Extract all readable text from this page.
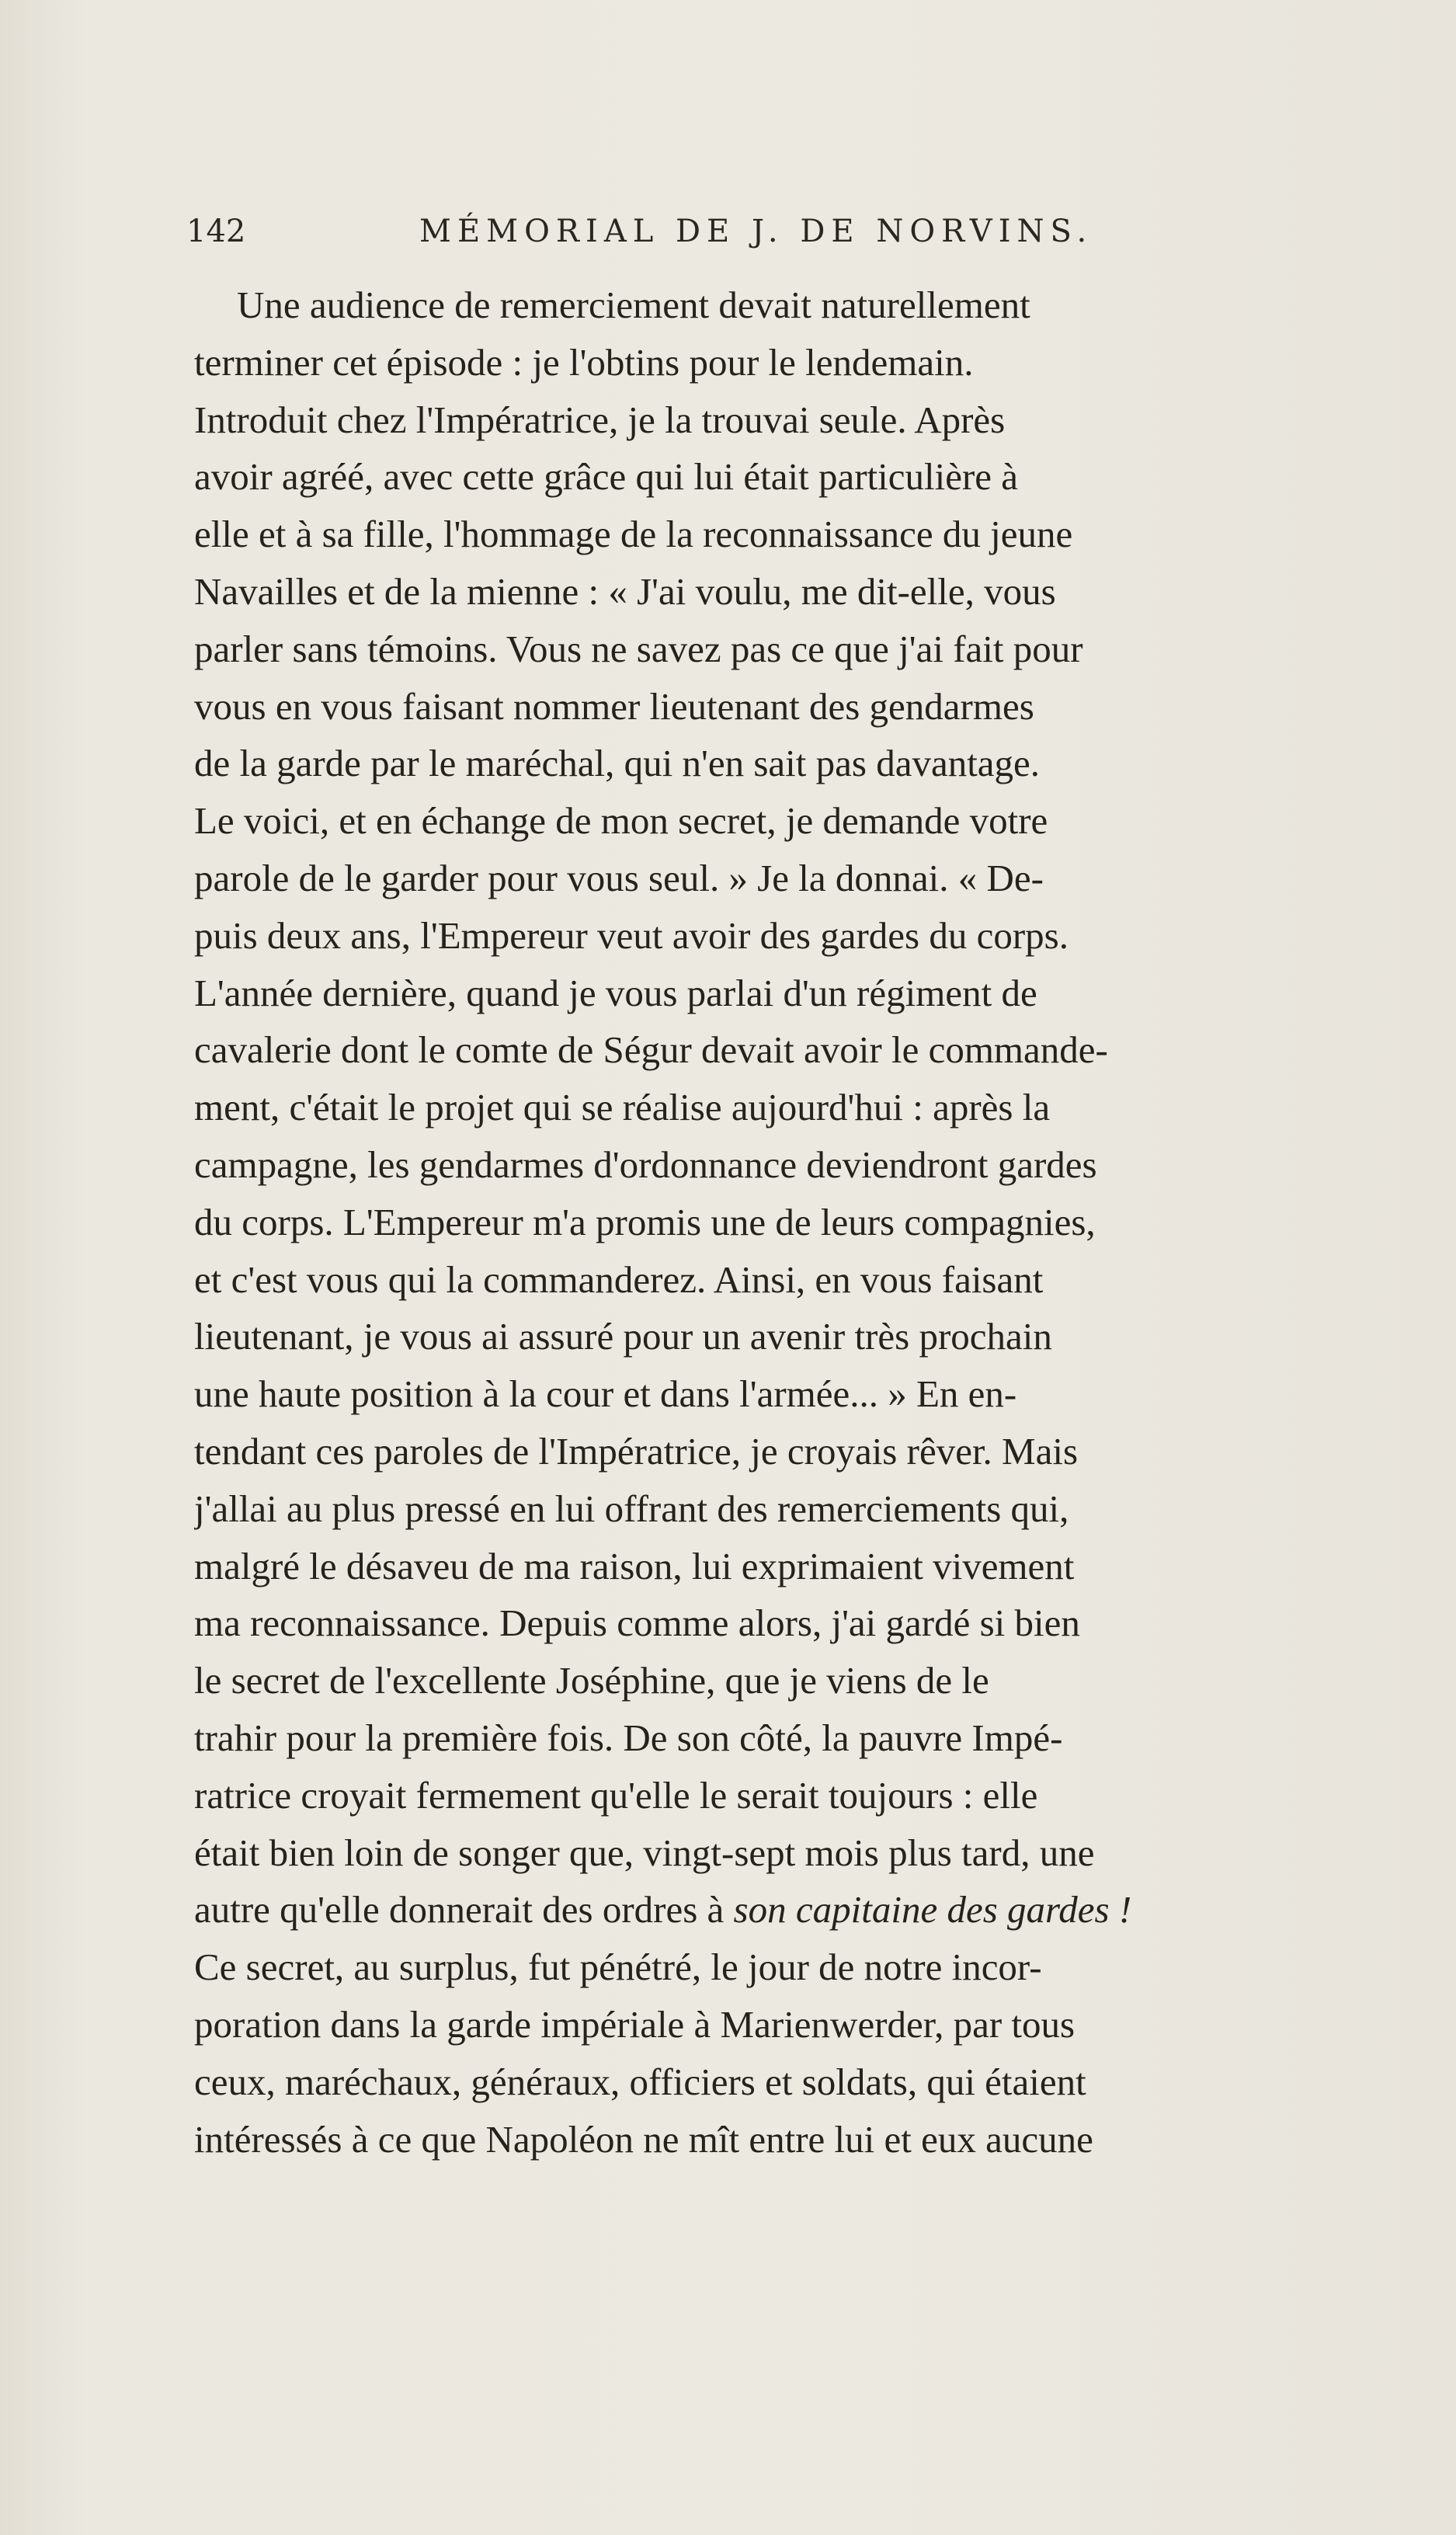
142	MÉMORIAL DE J. DE NORVINS.
Une audience de remerciement devait naturellement
terminer cet épisode : je l'obtins pour le lendemain.
Introduit chez l'Impératrice, je la trouvai seule. Après
avoir agréé, avec cette grâce qui lui était particulière à
elle et à sa fille, l'hommage de la reconnaissance du jeune
Navailles et de la mienne : « J'ai voulu, me dit-elle, vous
parler sans témoins. Vous ne savez pas ce que j'ai fait pour
vous en vous faisant nommer lieutenant des gendarmes
de la garde par le maréchal, qui n'en sait pas davantage.
Le voici, et en échange de mon secret, je demande votre
parole de le garder pour vous seul. » Je la donnai. « De-
puis deux ans, l'Empereur veut avoir des gardes du corps.
L'année dernière, quand je vous parlai d'un régiment de
cavalerie dont le comte de Ségur devait avoir le commande-
ment, c'était le projet qui se réalise aujourd'hui : après la
campagne, les gendarmes d'ordonnance deviendront gardes
du corps. L'Empereur m'a promis une de leurs compagnies,
et c'est vous qui la commanderez. Ainsi, en vous faisant
lieutenant, je vous ai assuré pour un avenir très prochain
une haute position à la cour et dans l'armée... » En en-
tendant ces paroles de l'Impératrice, je croyais rêver. Mais
j'allai au plus pressé en lui offrant des remerciements qui,
malgré le désaveu de ma raison, lui exprimaient vivement
ma reconnaissance. Depuis comme alors, j'ai gardé si bien
le secret de l'excellente Joséphine, que je viens de le
trahir pour la première fois. De son côté, la pauvre Impé-
ratrice croyait fermement qu'elle le serait toujours : elle
était bien loin de songer que, vingt-sept mois plus tard, une
autre qu'elle donnerait des ordres à son capitaine des gardes !
Ce secret, au surplus, fut pénétré, le jour de notre incor-
poration dans la garde impériale à Marienwerder, par tous
ceux, maréchaux, généraux, officiers et soldats, qui étaient
intéressés à ce que Napoléon ne mît entre lui et eux aucune
